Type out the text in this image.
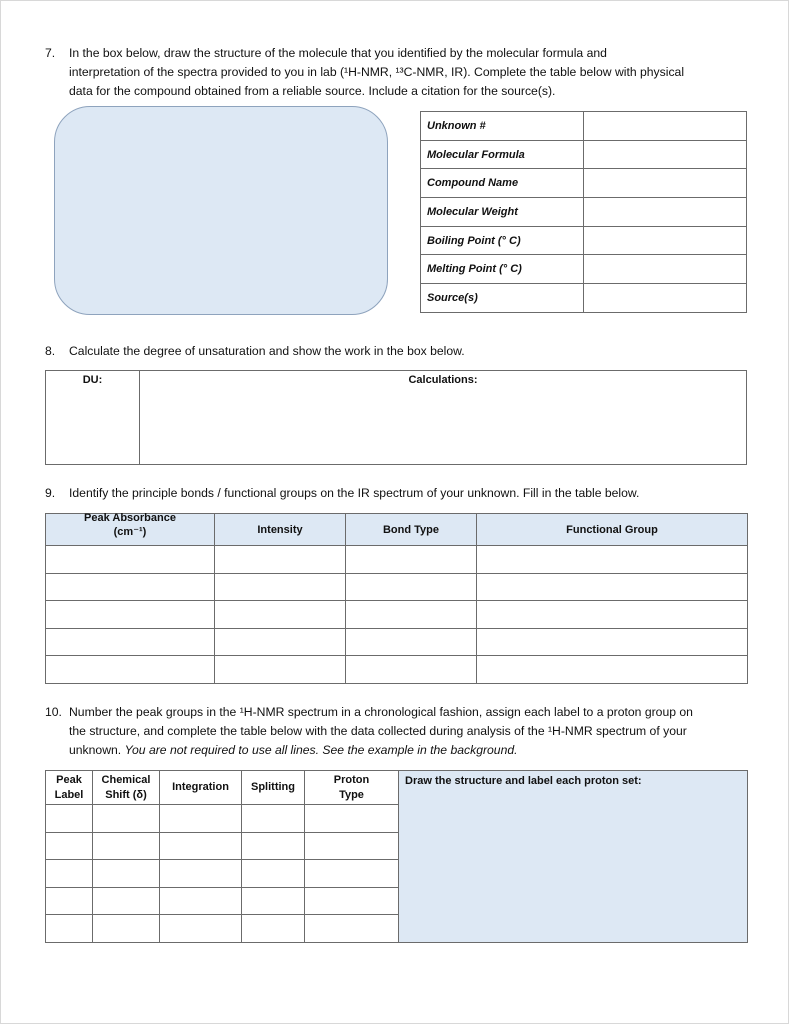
7. In the box below, draw the structure of the molecule that you identified by the molecular formula and
interpretation of the spectra provided to you in lab (¹H-NMR, ¹³C-NMR, IR). Complete the table below with physical
data for the compound obtained from a reliable source. Include a citation for the source(s).
Unknown #	
Molecular Formula	
Compound Name	
Molecular Weight	
Boiling Point (° C)	
Melting Point (° C)	
Source(s)	
8. Calculate the degree of unsaturation and show the work in the box below.
DU:	Calculations:
9. Identify the principle bonds / functional groups on the IR spectrum of your unknown. Fill in the table below.
Peak Absorbance
(cm⁻¹)	Intensity	Bond Type	Functional Group

10. Number the peak groups in the ¹H-NMR spectrum in a chronological fashion, assign each label to a proton group on
the structure, and complete the table below with the data collected during analysis of the ¹H-NMR spectrum of your
unknown. You are not required to use all lines. See the example in the background.
Peak
Label	Chemical
Shift (δ)	Integration	Splitting	Proton
Type	Draw the structure and label each proton set:
